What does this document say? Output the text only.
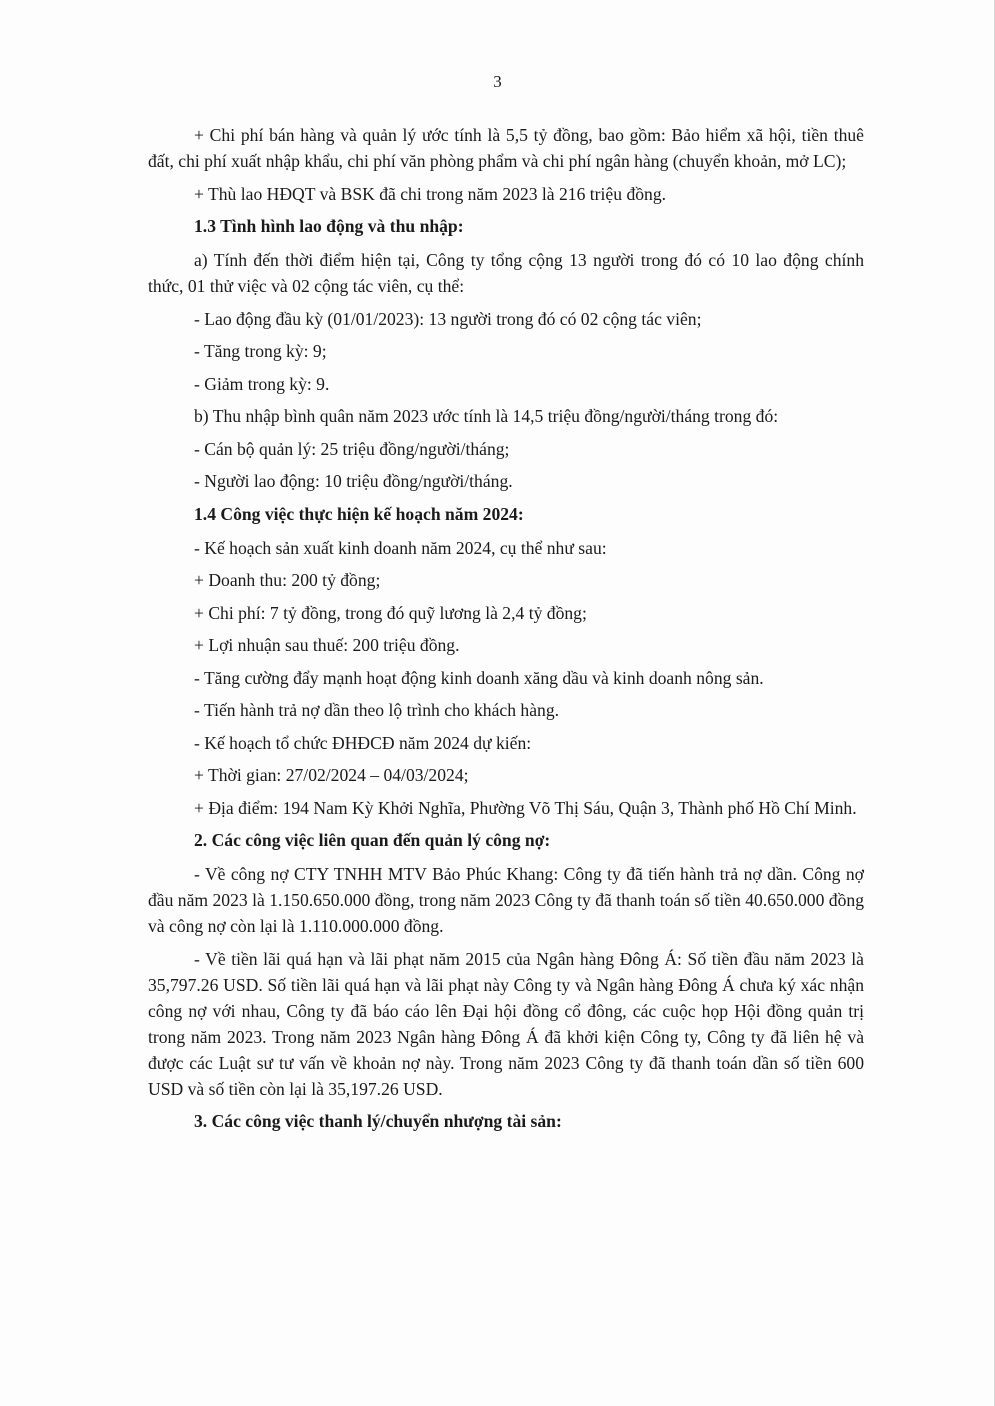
3

+ Chi phí bán hàng và quản lý ước tính là 5,5 tỷ đồng, bao gồm: Bảo hiểm xã hội, tiền thuê đất, chi phí xuất nhập khẩu, chi phí văn phòng phẩm và chi phí ngân hàng (chuyển khoản, mở LC);

+ Thù lao HĐQT và BSK đã chi trong năm 2023 là 216 triệu đồng.

1.3 Tình hình lao động và thu nhập:

a) Tính đến thời điểm hiện tại, Công ty tổng cộng 13 người trong đó có 10 lao động chính thức, 01 thử việc và 02 cộng tác viên, cụ thể:

- Lao động đầu kỳ (01/01/2023): 13 người trong đó có 02 cộng tác viên;

- Tăng trong kỳ: 9;

- Giảm trong kỳ: 9.

b) Thu nhập bình quân năm 2023 ước tính là 14,5 triệu đồng/người/tháng trong đó:

- Cán bộ quản lý: 25 triệu đồng/người/tháng;

- Người lao động: 10 triệu đồng/người/tháng.

1.4 Công việc thực hiện kế hoạch năm 2024:

- Kế hoạch sản xuất kinh doanh năm 2024, cụ thể như sau:

+ Doanh thu: 200 tỷ đồng;

+ Chi phí: 7 tỷ đồng, trong đó quỹ lương là 2,4 tỷ đồng;

+ Lợi nhuận sau thuế: 200 triệu đồng.

- Tăng cường đẩy mạnh hoạt động kinh doanh xăng dầu và kinh doanh nông sản.

- Tiến hành trả nợ dần theo lộ trình cho khách hàng.

- Kế hoạch tổ chức ĐHĐCĐ năm 2024 dự kiến:

+ Thời gian: 27/02/2024 – 04/03/2024;

+ Địa điểm: 194 Nam Kỳ Khởi Nghĩa, Phường Võ Thị Sáu, Quận 3, Thành phố Hồ Chí Minh.

2. Các công việc liên quan đến quản lý công nợ:

- Về công nợ CTY TNHH MTV Bảo Phúc Khang: Công ty đã tiến hành trả nợ dần. Công nợ đầu năm 2023 là 1.150.650.000 đồng, trong năm 2023 Công ty đã thanh toán số tiền 40.650.000 đồng và công nợ còn lại là 1.110.000.000 đồng.

- Về tiền lãi quá hạn và lãi phạt năm 2015 của Ngân hàng Đông Á: Số tiền đầu năm 2023 là 35,797.26 USD. Số tiền lãi quá hạn và lãi phạt này Công ty và Ngân hàng Đông Á chưa ký xác nhận công nợ với nhau, Công ty đã báo cáo lên Đại hội đồng cổ đông, các cuộc họp Hội đồng quản trị trong năm 2023. Trong năm 2023 Ngân hàng Đông Á đã khởi kiện Công ty, Công ty đã liên hệ và được các Luật sư tư vấn về khoản nợ này. Trong năm 2023 Công ty đã thanh toán dần số tiền 600 USD và số tiền còn lại là 35,197.26 USD.

3. Các công việc thanh lý/chuyển nhượng tài sản:
